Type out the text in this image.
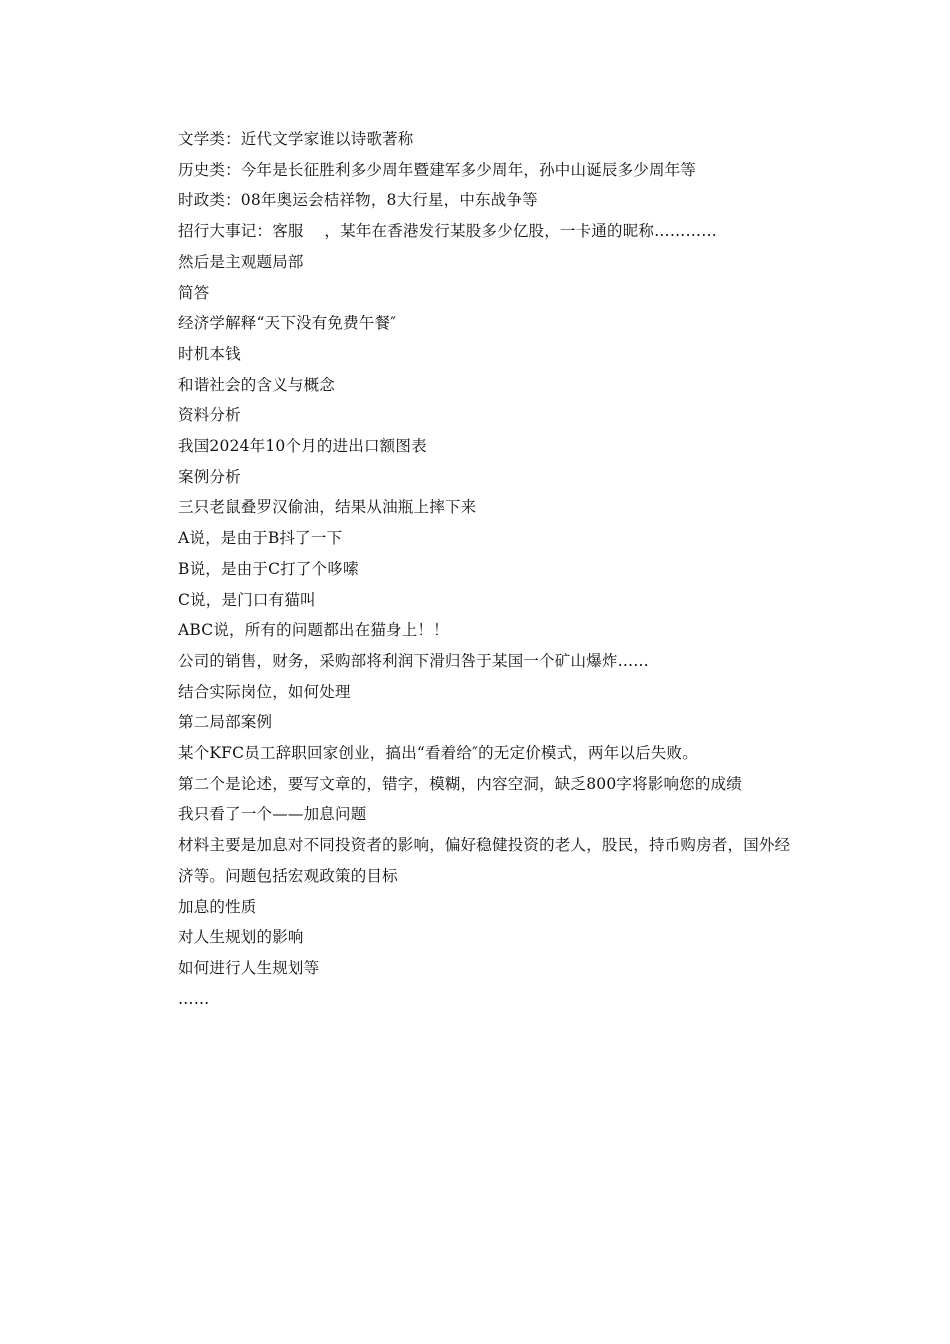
文学类：近代文学家谁以诗歌著称

历史类：今年是长征胜利多少周年暨建军多少周年，孙中山诞辰多少周年等

时政类：08年奥运会桔祥物，8大行星，中东战争等

招行大事记：客服　 ，某年在香港发行某股多少亿股，一卡通的昵称…………

然后是主观题局部

简答

经济学解释“天下没有免费午餐″

时机本钱

和谐社会的含义与概念

资料分析

我国2024年10个月的进出口额图表

案例分析

三只老鼠叠罗汉偷油，结果从油瓶上摔下来

A说，是由于B抖了一下

B说，是由于C打了个哆嗦

C说，是门口有猫叫

ABC说，所有的问题都出在猫身上！！

公司的销售，财务，采购部将利润下滑归咎于某国一个矿山爆炸……

结合实际岗位，如何处理

第二局部案例

某个KFC员工辞职回家创业，搞出“看着给″的无定价模式，两年以后失败。

第二个是论述，要写文章的，错字，模糊，内容空洞，缺乏800字将影响您的成绩

我只看了一个——加息问题

材料主要是加息对不同投资者的影响，偏好稳健投资的老人，股民，持币购房者，国外经

济等。问题包括宏观政策的目标

加息的性质

对人生规划的影响

如何进行人生规划等

……
